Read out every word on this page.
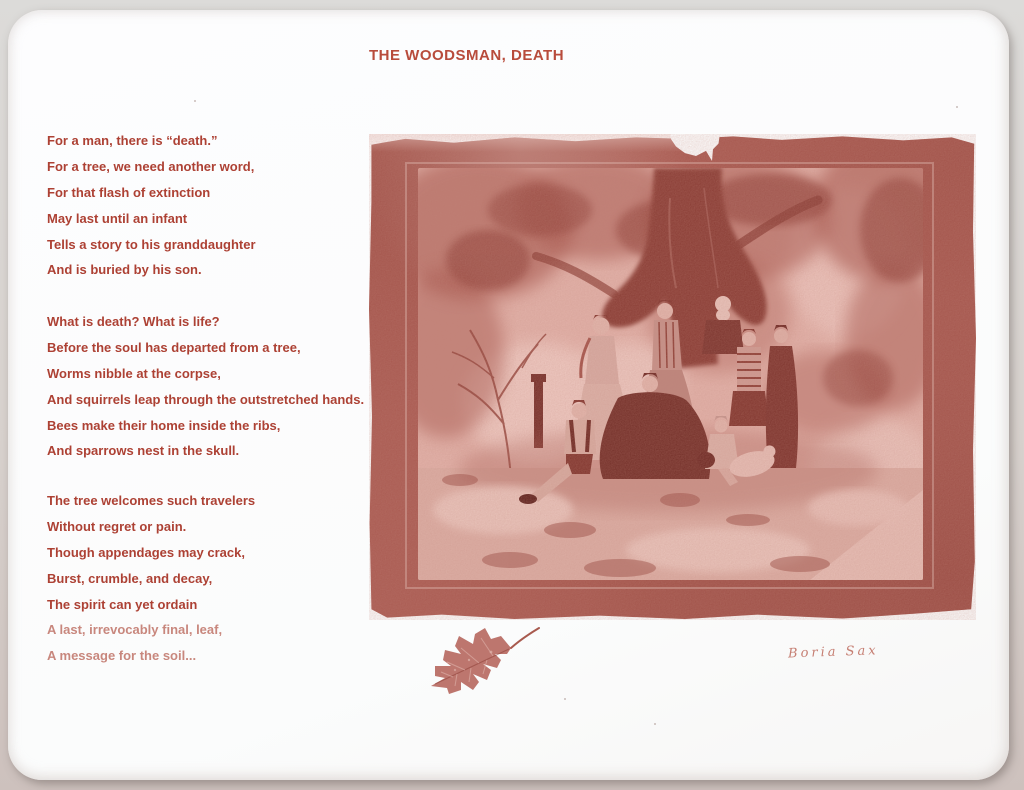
THE WOODSMAN, DEATH
For a man, there is “death.”
For a tree, we need another word,
For that flash of extinction
May last until an infant
Tells a story to his granddaughter
And is buried by his son.
What is death? What is life?
Before the soul has departed from a tree,
Worms nibble at the corpse,
And squirrels leap through the outstretched hands.
Bees make their home inside the ribs,
And sparrows nest in the skull.
The tree welcomes such travelers
Without regret or pain.
Though appendages may crack,
Burst, crumble, and decay,
The spirit can yet ordain
A last, irrevocably final, leaf,
A message for the soil...	Boria Sax
